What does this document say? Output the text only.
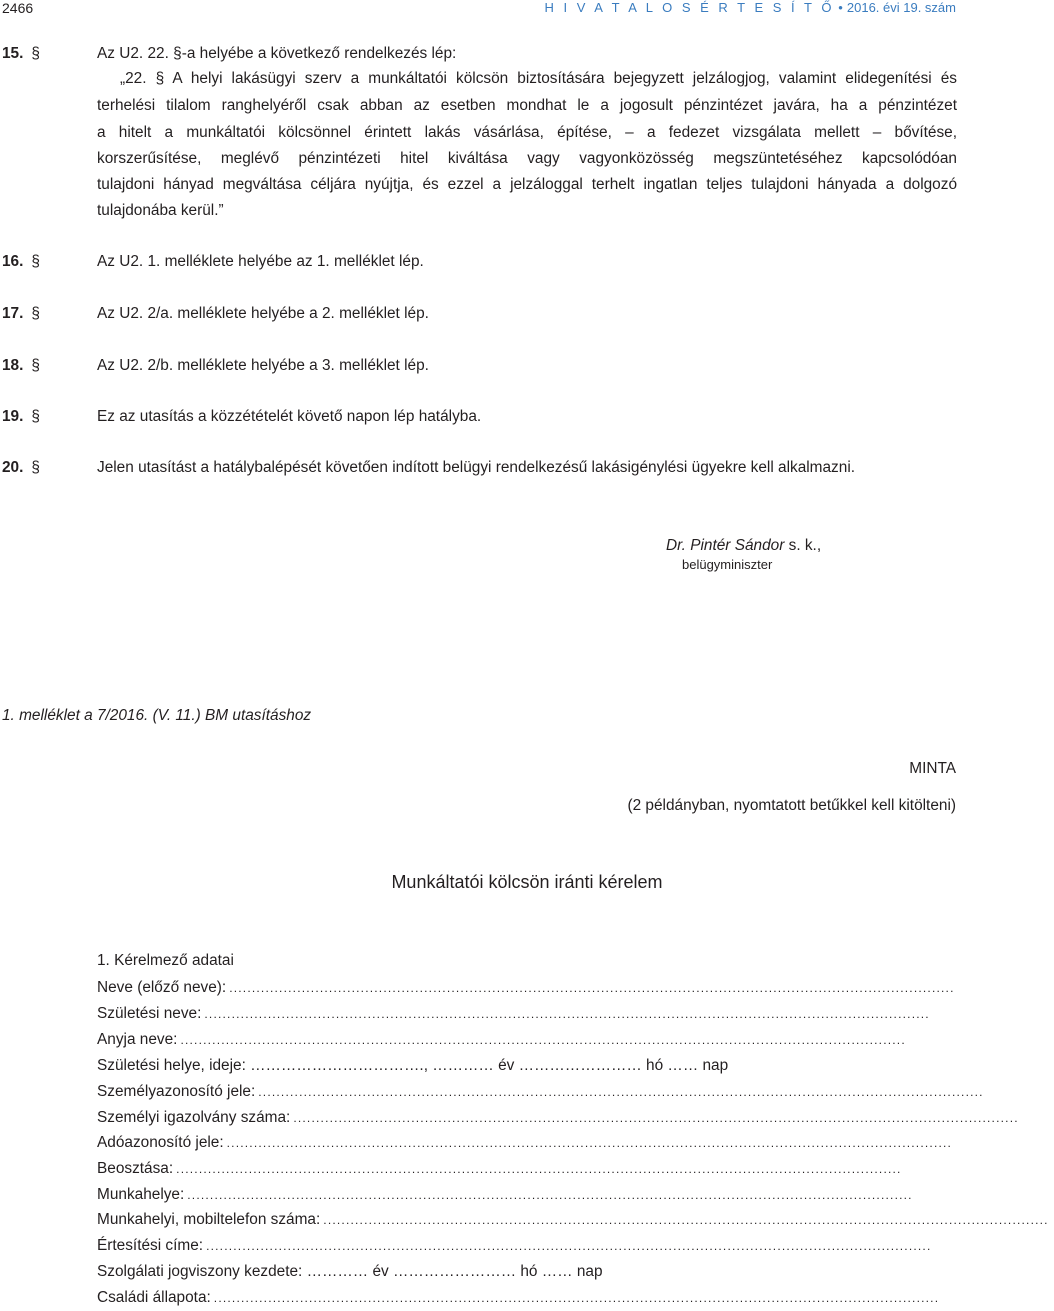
2466	H I V A T A L O S É R T E S Í T Ő • 2016. évi 19. szám
15. §	Az U2. 22. §-a helyébe a következő rendelkezés lép:
„22. § A helyi lakásügyi szerv a munkáltatói kölcsön biztosítására bejegyzett jelzálogjog, valamint elidegenítési és
terhelési tilalom ranghelyéről csak abban az esetben mondhat le a jogosult pénzintézet javára, ha a pénzintézet
a hitelt a munkáltatói kölcsönnel érintett lakás vásárlása, építése, – a fedezet vizsgálata mellett – bővítése,
korszerűsítése, meglévő pénzintézeti hitel kiváltása vagy vagyonközösség megszüntetéséhez kapcsolódóan
tulajdoni hányad megváltása céljára nyújtja, és ezzel a jelzáloggal terhelt ingatlan teljes tulajdoni hányada a dolgozó
tulajdonába kerül.”
16. §	Az U2. 1. melléklete helyébe az 1. melléklet lép.
17. §	Az U2. 2/a. melléklete helyébe a 2. melléklet lép.
18. §	Az U2. 2/b. melléklete helyébe a 3. melléklet lép.
19. §	Ez az utasítás a közzétételét követő napon lép hatályba.
20. §	Jelen utasítást a hatálybalépését követően indított belügyi rendelkezésű lakásigénylési ügyekre kell alkalmazni.
Dr. Pintér Sándor s. k.,
belügyminiszter
1. melléklet a 7/2016. (V. 11.) BM utasításhoz
MINTA
(2 példányban, nyomtatott betűkkel kell kitölteni)
Munkáltatói kölcsön iránti kérelem
1. Kérelmező adatai
Neve (előző neve): ................................................................................................................................................................
Születési neve: ................................................................................................................................................................
Anyja neve: ................................................................................................................................................................
Születési helye, ideje: ……………………………., ………… év …………………… hó …… nap
Személyazonosító jele: ................................................................................................................................................................
Személyi igazolvány száma: ................................................................................................................................................................
Adóazonosító jele: ................................................................................................................................................................
Beosztása: ................................................................................................................................................................
Munkahelye: ................................................................................................................................................................
Munkahelyi, mobiltelefon száma: ................................................................................................................................................................
Értesítési címe: ................................................................................................................................................................
Szolgálati jogviszony kezdete: ………… év …………………… hó …… nap
Családi állapota: ................................................................................................................................................................
